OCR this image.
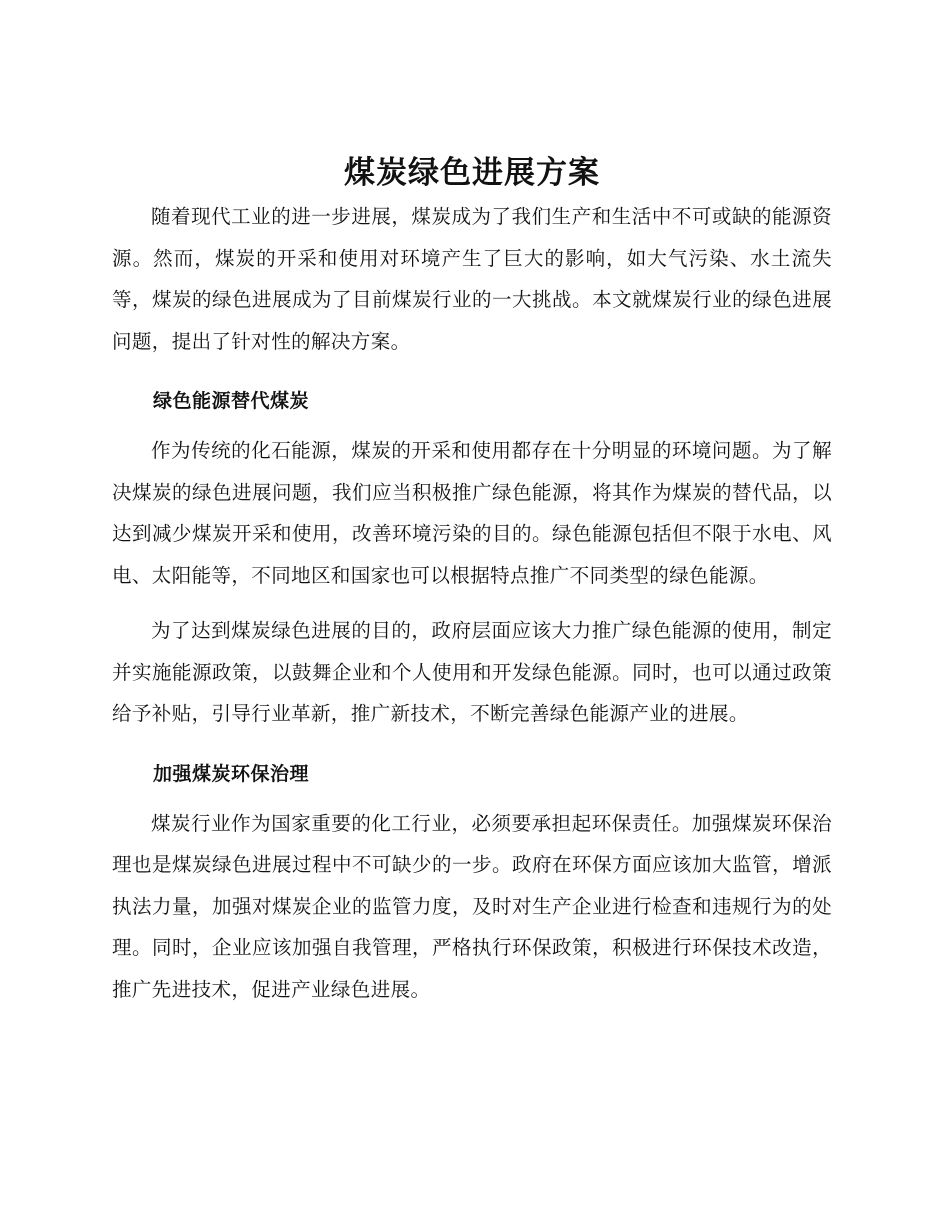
煤炭绿色进展方案

随着现代工业的进一步进展，煤炭成为了我们生产和生活中不可或缺的能源资源。然而，煤炭的开采和使用对环境产生了巨大的影响，如大气污染、水土流失等，煤炭的绿色进展成为了目前煤炭行业的一大挑战。本文就煤炭行业的绿色进展问题，提出了针对性的解决方案。

绿色能源替代煤炭

作为传统的化石能源，煤炭的开采和使用都存在十分明显的环境问题。为了解决煤炭的绿色进展问题，我们应当积极推广绿色能源，将其作为煤炭的替代品，以达到减少煤炭开采和使用，改善环境污染的目的。绿色能源包括但不限于水电、风电、太阳能等，不同地区和国家也可以根据特点推广不同类型的绿色能源。

为了达到煤炭绿色进展的目的，政府层面应该大力推广绿色能源的使用，制定并实施能源政策，以鼓舞企业和个人使用和开发绿色能源。同时，也可以通过政策给予补贴，引导行业革新，推广新技术，不断完善绿色能源产业的进展。

加强煤炭环保治理

煤炭行业作为国家重要的化工行业，必须要承担起环保责任。加强煤炭环保治理也是煤炭绿色进展过程中不可缺少的一步。政府在环保方面应该加大监管，增派执法力量，加强对煤炭企业的监管力度，及时对生产企业进行检查和违规行为的处理。同时，企业应该加强自我管理，严格执行环保政策，积极进行环保技术改造，推广先进技术，促进产业绿色进展。
